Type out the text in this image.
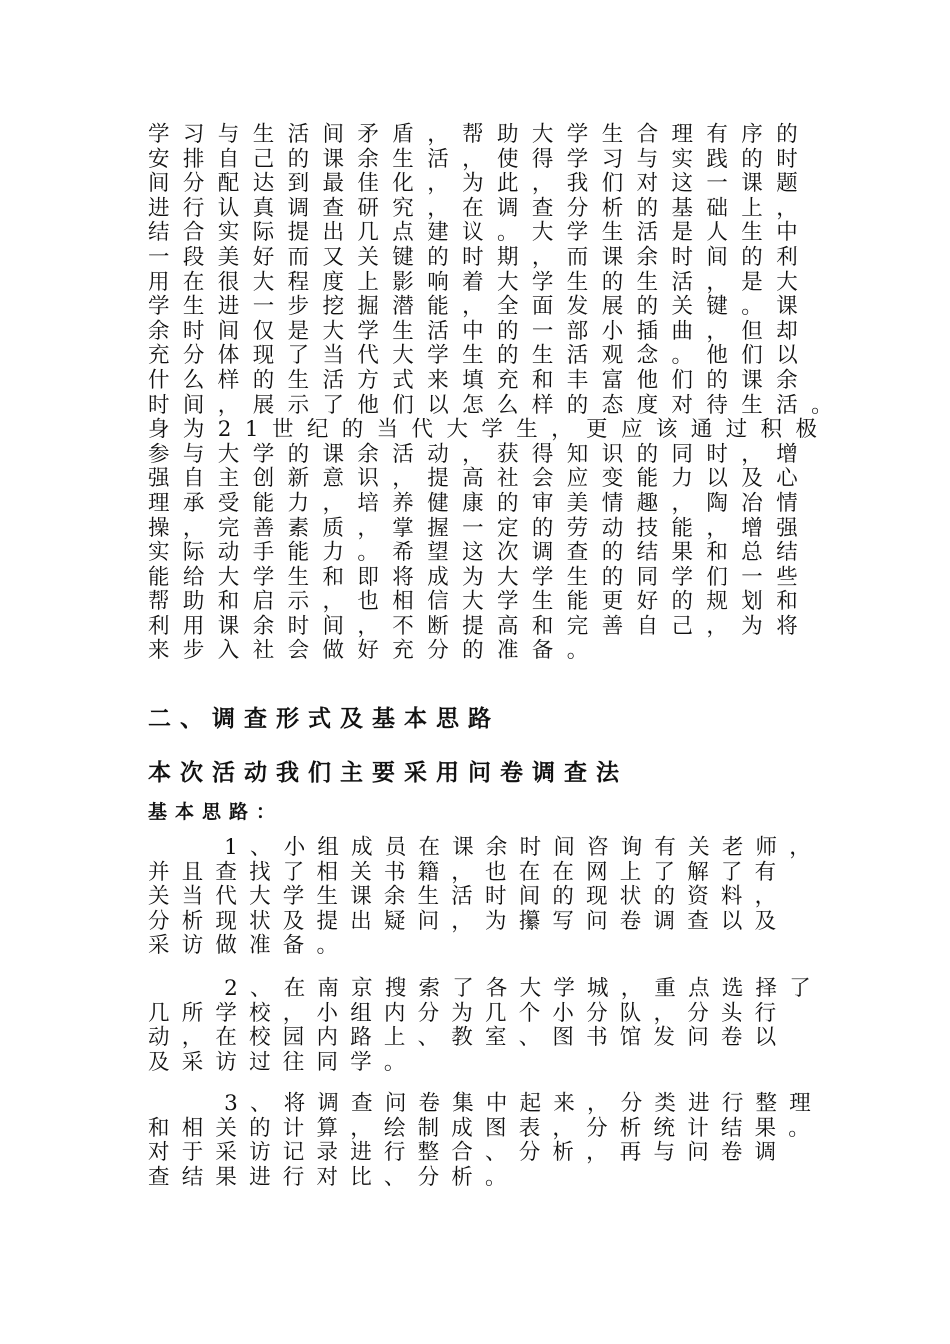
学习与生活间矛盾，帮助大学生合理有序的
安排自己的课余生活，使得学习与实践的时
间分配达到最佳化，为此，我们对这一课题
进行认真调查研究，在调查分析的基础上，
结合实际提出几点建议。大学生活是人生中
一段美好而又关键的时期，而课余时间的利
用在很大程度上影响着大学生的生活，是大
学生进一步挖掘潜能，全面发展的关键。课
余时间仅是大学生活中的一部小插曲，但却
充分体现了当代大学生的生活观念。他们以
什么样的生活方式来填充和丰富他们的课余
时间，展示了他们以怎么样的态度对待生活。
身为21世纪的当代大学生，更应该通过积极
参与大学的课余活动，获得知识的同时，增
强自主创新意识，提高社会应变能力以及心
理承受能力，培养健康的审美情趣，陶冶情
操，完善素质，掌握一定的劳动技能，增强
实际动手能力。希望这次调查的结果和总结
能给大学生和即将成为大学生的同学们一些
帮助和启示，也相信大学生能更好的规划和
利用课余时间，不断提高和完善自己，为将
来步入社会做好充分的准备。
二、调查形式及基本思路
本次活动我们主要采用问卷调查法
基本思路：
1、小组成员在课余时间咨询有关老师，
并且查找了相关书籍，也在在网上了解了有
关当代大学生课余生活时间的现状的资料，
分析现状及提出疑问，为攥写问卷调查以及
采访做准备。
2、在南京搜索了各大学城，重点选择了
几所学校，小组内分为几个小分队，分头行
动，在校园内路上、教室、图书馆发问卷以
及采访过往同学。
3、将调查问卷集中起来，分类进行整理
和相关的计算，绘制成图表，分析统计结果。
对于采访记录进行整合、分析，再与问卷调
查结果进行对比、分析。
